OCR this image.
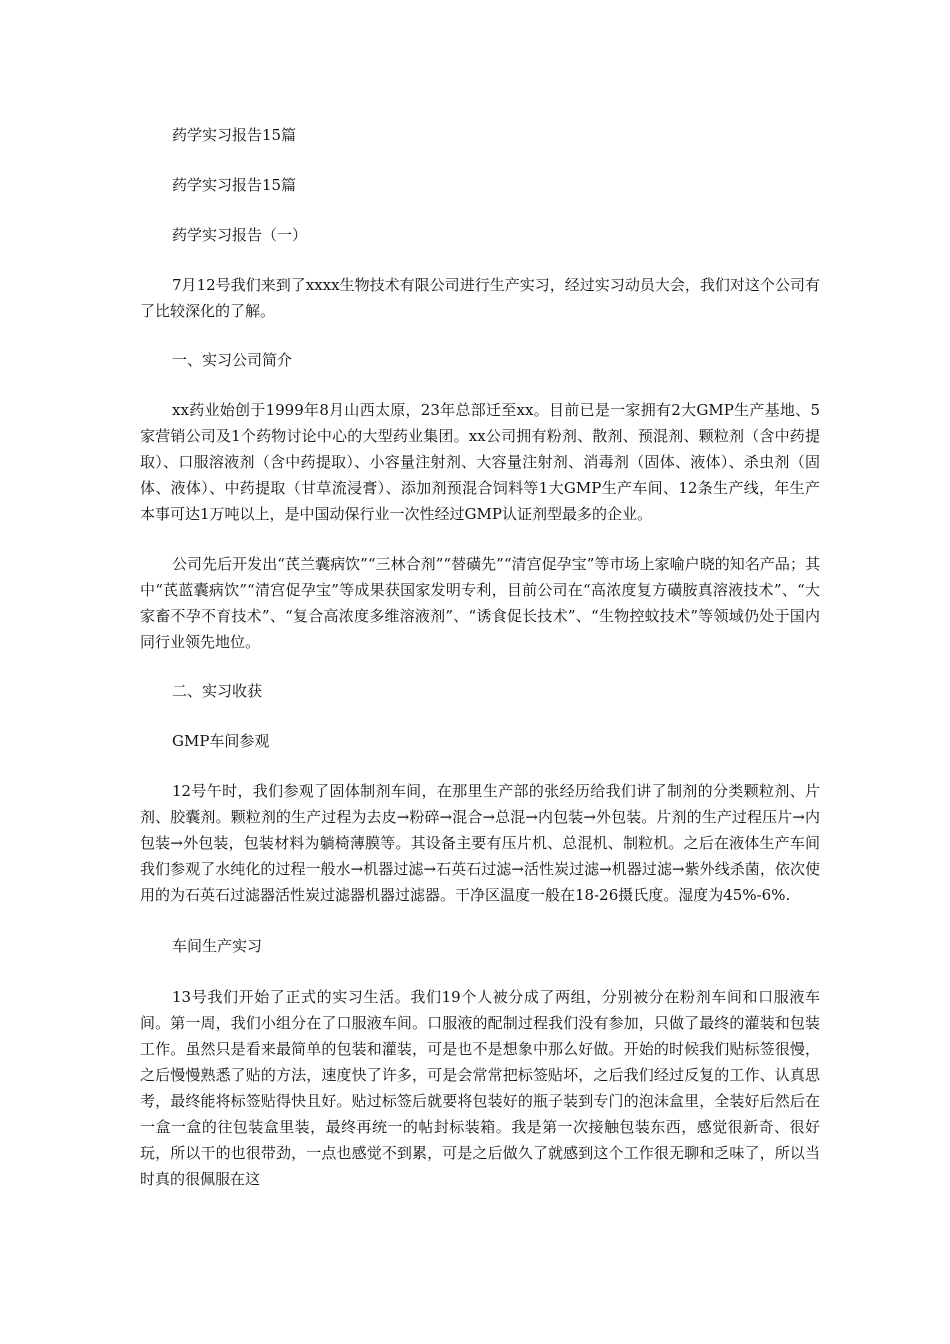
药学实习报告15篇

药学实习报告15篇

药学实习报告（一）

7月12号我们来到了xxxx生物技术有限公司进行生产实习，经过实习动员大会，我们对这个公司有了比较深化的了解。

一、实习公司简介

xx药业始创于1999年8月山西太原，23年总部迁至xx。目前已是一家拥有2大GMP生产基地、5家营销公司及1个药物讨论中心的大型药业集团。xx公司拥有粉剂、散剂、预混剂、颗粒剂（含中药提取）、口服溶液剂（含中药提取）、小容量注射剂、大容量注射剂、消毒剂（固体、液体）、杀虫剂（固体、液体）、中药提取（甘草流浸膏）、添加剂预混合饲料等1大GMP生产车间、12条生产线，年生产本事可达1万吨以上，是中国动保行业一次性经过GMP认证剂型最多的企业。

公司先后开发出“芪兰囊病饮”“三林合剂”“替磺先”“清宫促孕宝”等市场上家喻户晓的知名产品；其中“芪蓝囊病饮”“清宫促孕宝”等成果获国家发明专利，目前公司在“高浓度复方磺胺真溶液技术”、“大家畜不孕不育技术”、“复合高浓度多维溶液剂”、“诱食促长技术”、“生物控蚊技术”等领域仍处于国内同行业领先地位。

二、实习收获

GMP车间参观

12号午时，我们参观了固体制剂车间，在那里生产部的张经历给我们讲了制剂的分类颗粒剂、片剂、胶囊剂。颗粒剂的生产过程为去皮→粉碎→混合→总混→内包装→外包装。片剂的生产过程压片→内包装→外包装，包装材料为躺椅薄膜等。其设备主要有压片机、总混机、制粒机。之后在液体生产车间我们参观了水纯化的过程一般水→机器过滤→石英石过滤→活性炭过滤→机器过滤→紫外线杀菌，依次使用的为石英石过滤器活性炭过滤器机器过滤器。干净区温度一般在18-26摄氏度。湿度为45%-6%.

车间生产实习

13号我们开始了正式的实习生活。我们19个人被分成了两组，分别被分在粉剂车间和口服液车间。第一周，我们小组分在了口服液车间。口服液的配制过程我们没有参加，只做了最终的灌装和包装工作。虽然只是看来最简单的包装和灌装，可是也不是想象中那么好做。开始的时候我们贴标签很慢，之后慢慢熟悉了贴的方法，速度快了许多，可是会常常把标签贴坏，之后我们经过反复的工作、认真思考，最终能将标签贴得快且好。贴过标签后就要将包装好的瓶子装到专门的泡沫盒里，全装好后然后在一盒一盒的往包装盒里装，最终再统一的帖封标装箱。我是第一次接触包装东西，感觉很新奇、很好玩，所以干的也很带劲，一点也感觉不到累，可是之后做久了就感到这个工作很无聊和乏味了，所以当时真的很佩服在这
